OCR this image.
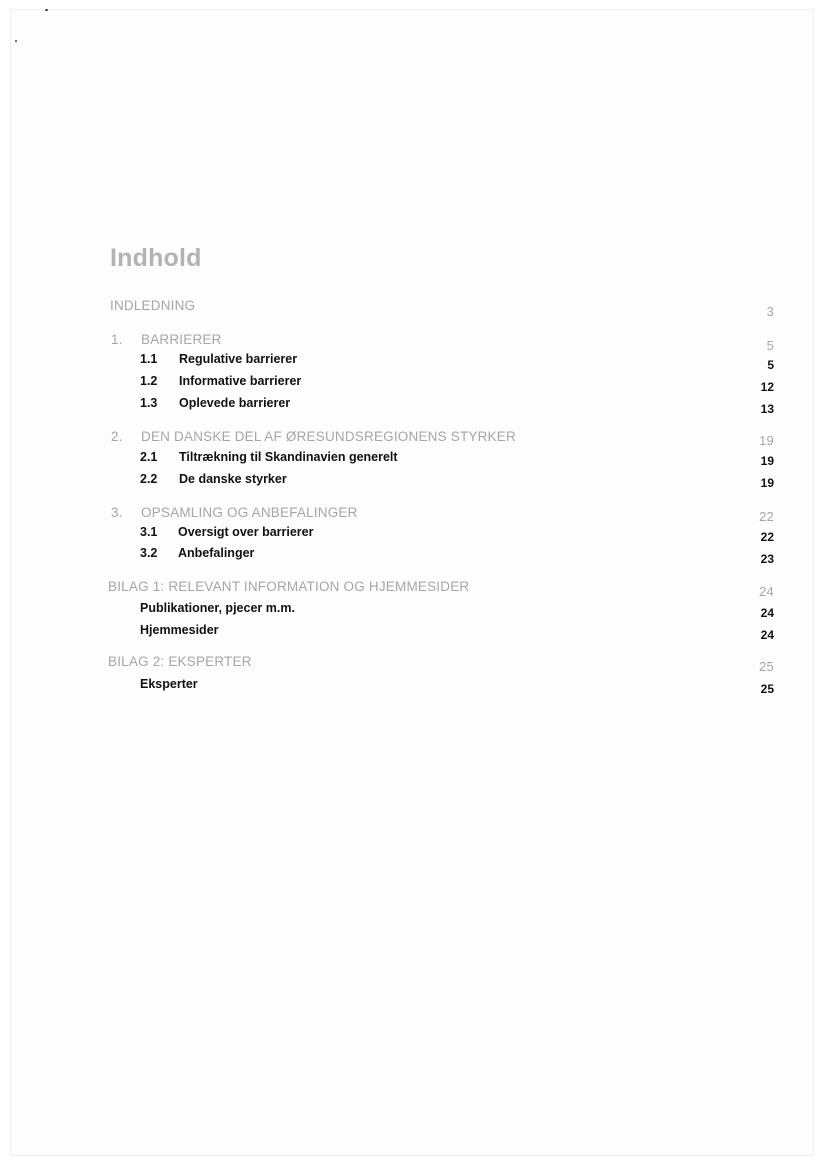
Indhold
INDLEDNING	3
1. BARRIERER	5
1.1 Regulative barrierer	5
1.2 Informative barrierer	12
1.3 Oplevede barrierer	13
2. DEN DANSKE DEL AF ØRESUNDSREGIONENS STYRKER	19
2.1 Tiltrækning til Skandinavien generelt	19
2.2 De danske styrker	19
3. OPSAMLING OG ANBEFALINGER	22
3.1 Oversigt over barrierer	22
3.2 Anbefalinger	23
BILAG 1: RELEVANT INFORMATION OG HJEMMESIDER	24
Publikationer, pjecer m.m.	24
Hjemmesider	24
BILAG 2: EKSPERTER	25
Eksperter	25
